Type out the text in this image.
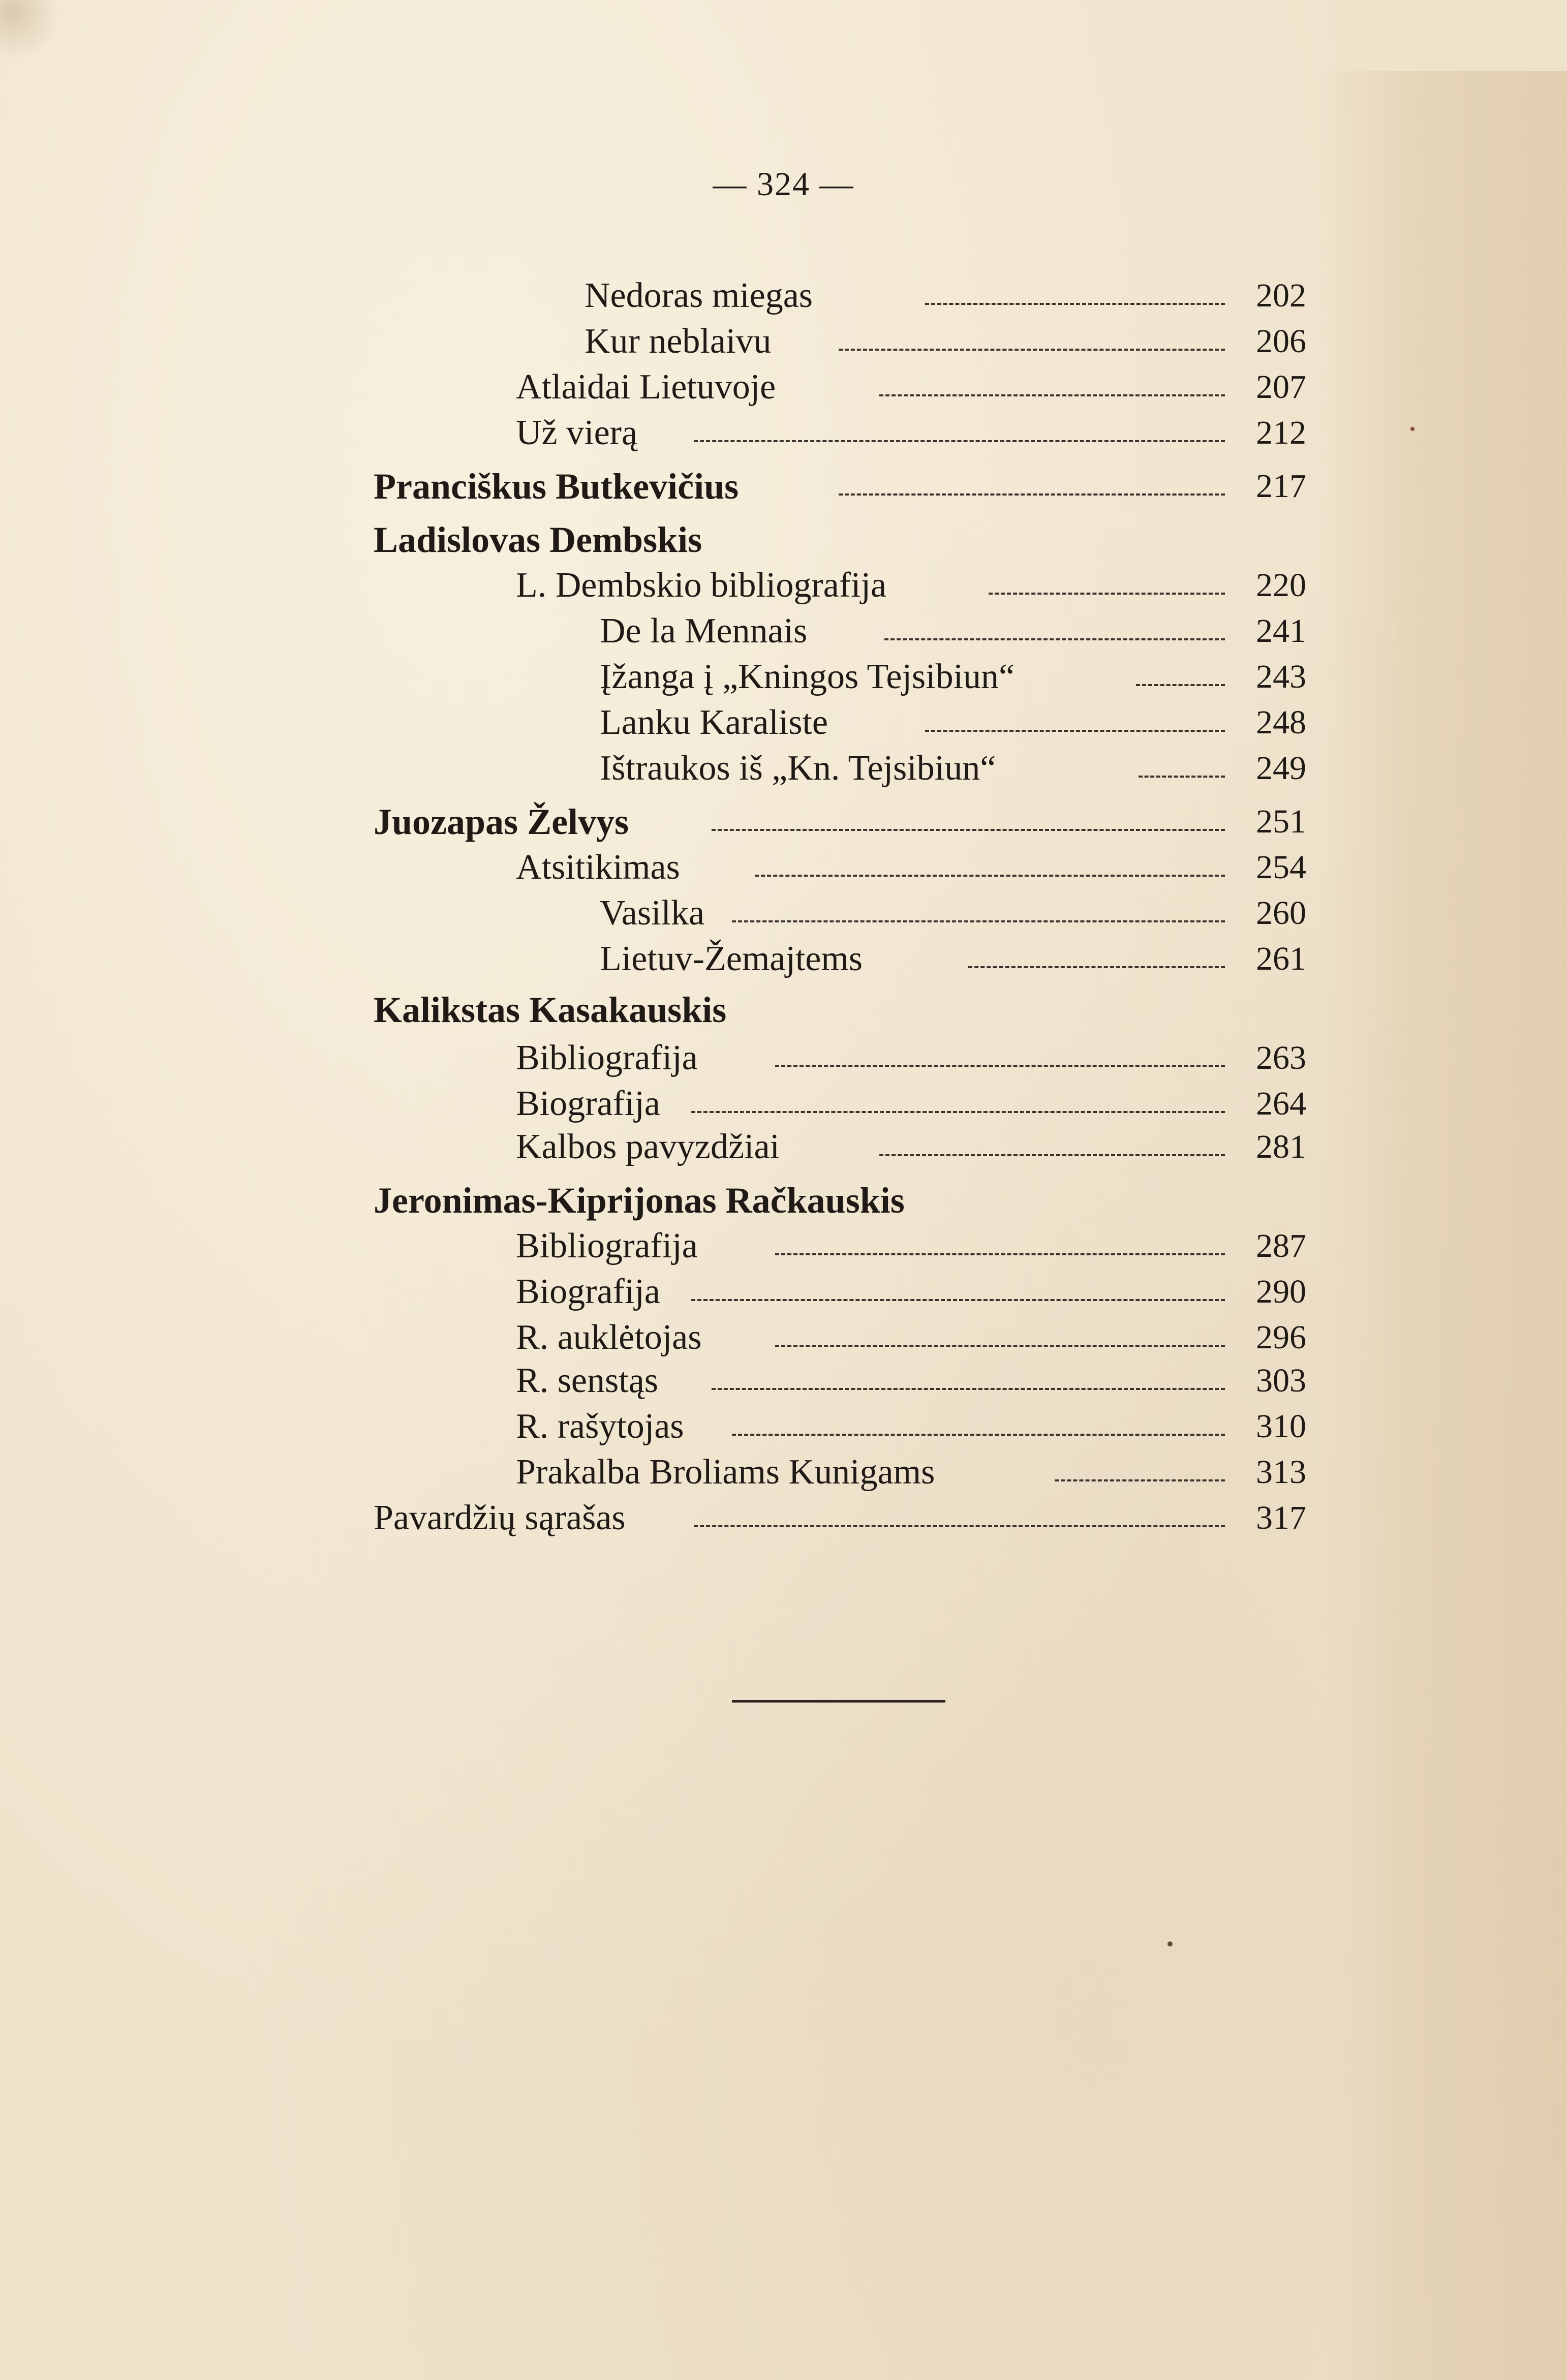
— 324 —
Nedoras miegas	202
Kur neblaivu	206
Atlaidai Lietuvoje	207
Už vierą	212
Pranciškus Butkevičius	217
Ladislovas Dembskis
L. Dembskio bibliografija	220
De la Mennais	241
Įžanga į „Kningos Tejsibiun“	243
Lanku Karaliste	248
Ištraukos iš „Kn. Tejsibiun“	249
Juozapas Želvys	251
Atsitikimas	254
Vasilka	260
Lietuv-Žemajtems	261
Kalikstas Kasakauskis
Bibliografija	263
Biografija	264
Kalbos pavyzdžiai	281
Jeronimas-Kiprijonas Račkauskis
Bibliografija	287
Biografija	290
R. auklėtojas	296
R. senstąs	303
R. rašytojas	310
Prakalba Broliams Kunigams	313
Pavardžių sąrašas	317
